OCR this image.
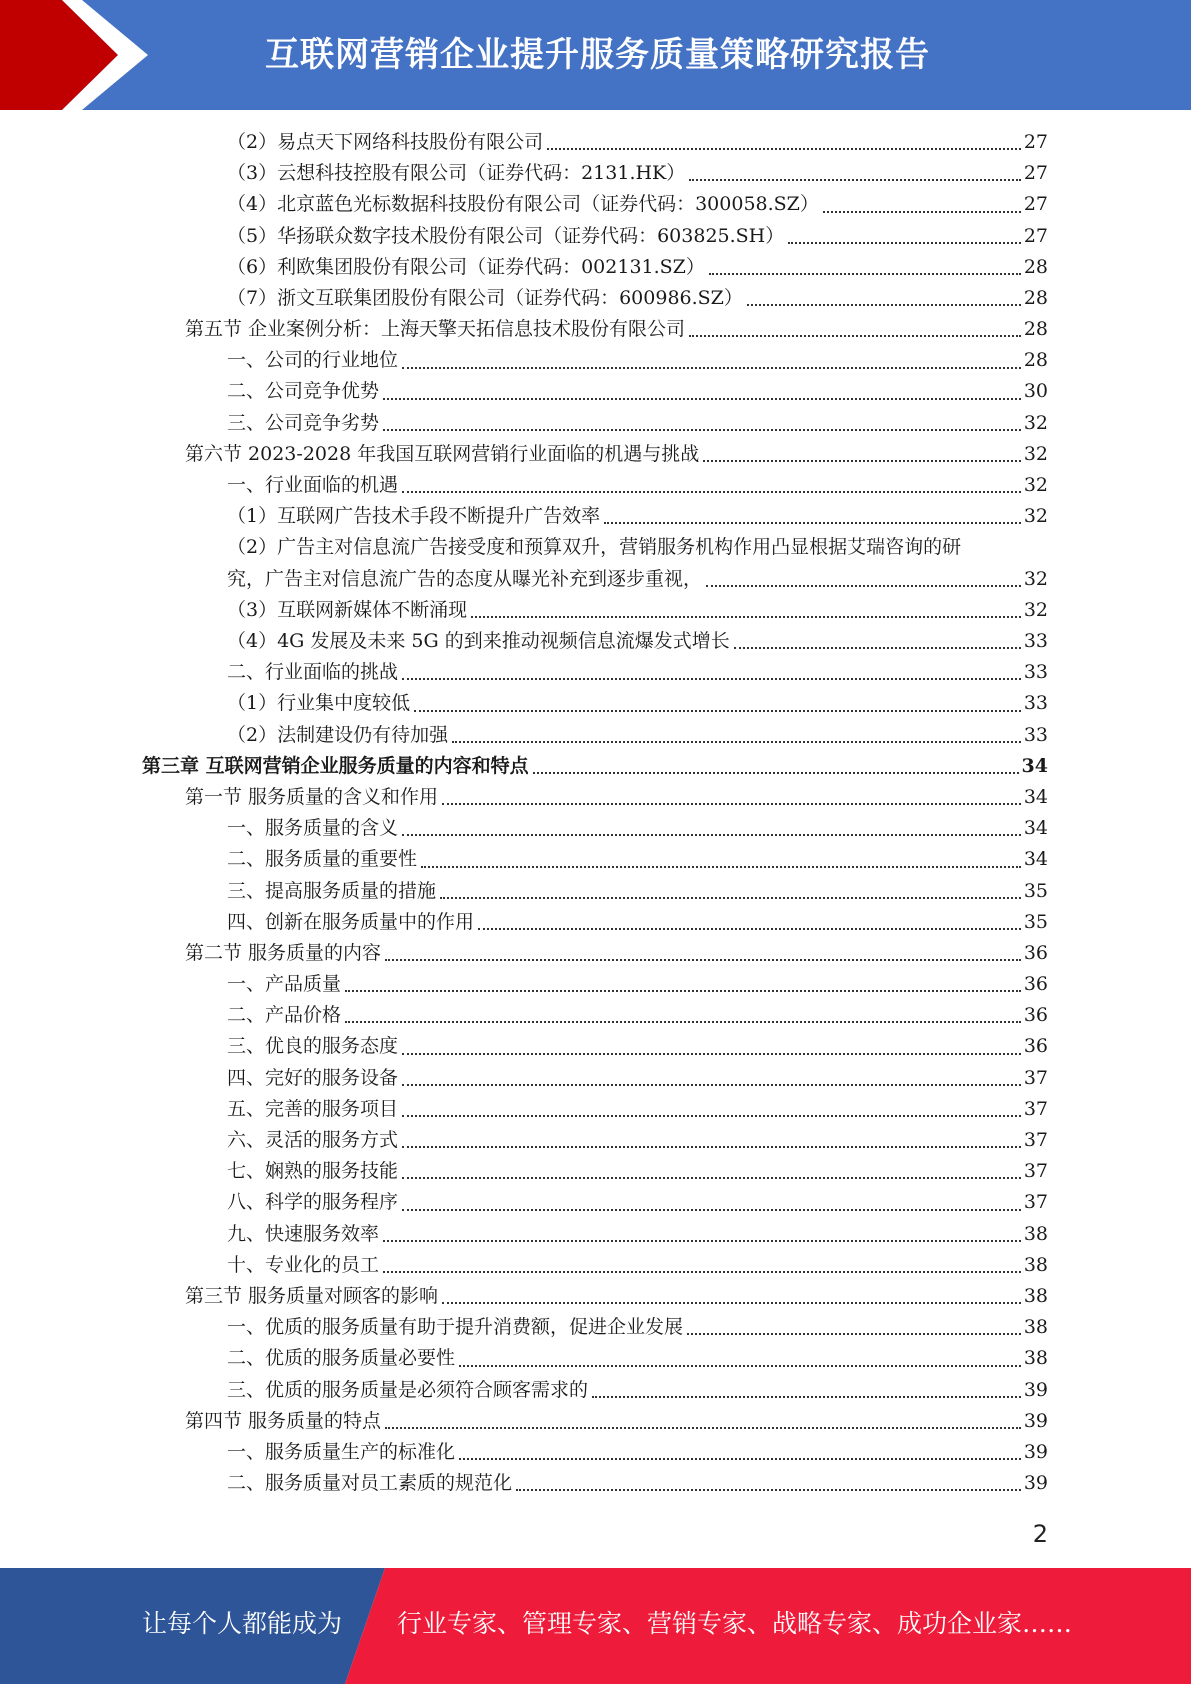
互联网营销企业提升服务质量策略研究报告
（2）易点天下网络科技股份有限公司	27
（3）云想科技控股有限公司（证券代码：2131.HK）	27
（4）北京蓝色光标数据科技股份有限公司（证券代码：300058.SZ）	27
（5）华扬联众数字技术股份有限公司（证券代码：603825.SH）	27
（6）利欧集团股份有限公司（证券代码：002131.SZ）	28
（7）浙文互联集团股份有限公司（证券代码：600986.SZ）	28
第五节 企业案例分析：上海天擎天拓信息技术股份有限公司	28
一、公司的行业地位	28
二、公司竞争优势	30
三、公司竞争劣势	32
第六节 2023-2028 年我国互联网营销行业面临的机遇与挑战	32
一、行业面临的机遇	32
（1）互联网广告技术手段不断提升广告效率	32
（2）广告主对信息流广告接受度和预算双升，营销服务机构作用凸显根据艾瑞咨询的研
究，广告主对信息流广告的态度从曝光补充到逐步重视，	32
（3）互联网新媒体不断涌现	32
（4）4G 发展及未来 5G 的到来推动视频信息流爆发式增长	33
二、行业面临的挑战	33
（1）行业集中度较低	33
（2）法制建设仍有待加强	33
第三章 互联网营销企业服务质量的内容和特点	34
第一节 服务质量的含义和作用	34
一、服务质量的含义	34
二、服务质量的重要性	34
三、提高服务质量的措施	35
四、创新在服务质量中的作用	35
第二节 服务质量的内容	36
一、产品质量	36
二、产品价格	36
三、优良的服务态度	36
四、完好的服务设备	37
五、完善的服务项目	37
六、灵活的服务方式	37
七、娴熟的服务技能	37
八、科学的服务程序	37
九、快速服务效率	38
十、专业化的员工	38
第三节 服务质量对顾客的影响	38
一、优质的服务质量有助于提升消费额，促进企业发展	38
二、优质的服务质量必要性	38
三、优质的服务质量是必须符合顾客需求的	39
第四节 服务质量的特点	39
一、服务质量生产的标准化	39
二、服务质量对员工素质的规范化	39
2
让每个人都能成为 行业专家、管理专家、营销专家、战略专家、成功企业家……
